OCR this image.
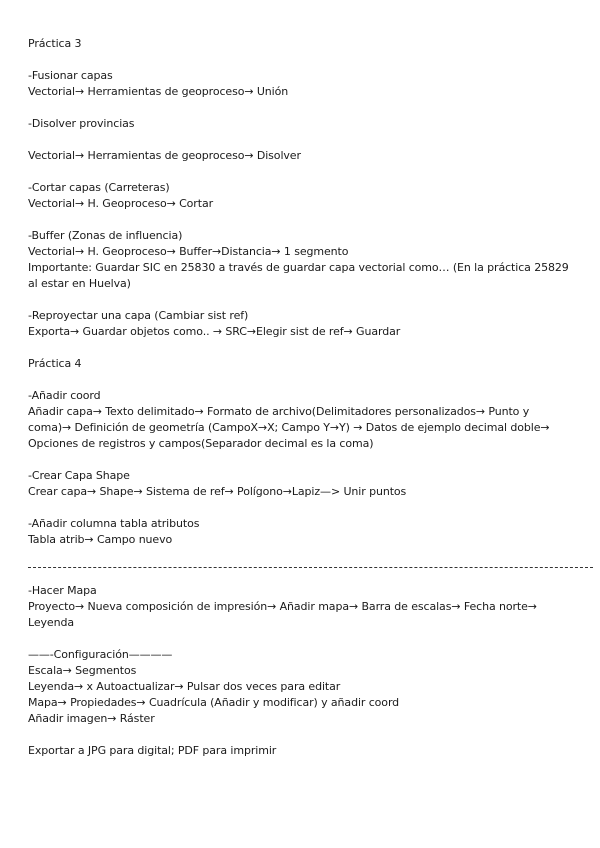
Práctica 3
-Fusionar capas
Vectorial→ Herramientas de geoproceso→ Unión
-Disolver provincias
Vectorial→ Herramientas de geoproceso→ Disolver
-Cortar capas (Carreteras)
Vectorial→ H. Geoproceso→ Cortar
-Buffer (Zonas de influencia)
Vectorial→ H. Geoproceso→ Buffer→Distancia→ 1 segmento
Importante: Guardar SIC en 25830 a través de guardar capa vectorial como… (En la práctica 25829
al estar en Huelva)
-Reproyectar una capa (Cambiar sist ref)
Exporta→ Guardar objetos como.. → SRC→Elegir sist de ref→ Guardar
Práctica 4
-Añadir coord
Añadir capa→ Texto delimitado→ Formato de archivo(Delimitadores personalizados→ Punto y
coma)→ Definición de geometría (CampoX→X; Campo Y→Y) → Datos de ejemplo decimal doble→
Opciones de registros y campos(Separador decimal es la coma)
-Crear Capa Shape
Crear capa→ Shape→ Sistema de ref→ Polígono→Lapiz—> Unir puntos
-Añadir columna tabla atributos
Tabla atrib→ Campo nuevo
-Hacer Mapa
Proyecto→ Nueva composición de impresión→ Añadir mapa→ Barra de escalas→ Fecha norte→
Leyenda
——-Configuración————
Escala→ Segmentos
Leyenda→ x Autoactualizar→ Pulsar dos veces para editar
Mapa→ Propiedades→ Cuadrícula (Añadir y modificar) y añadir coord
Añadir imagen→ Ráster
Exportar a JPG para digital; PDF para imprimir
